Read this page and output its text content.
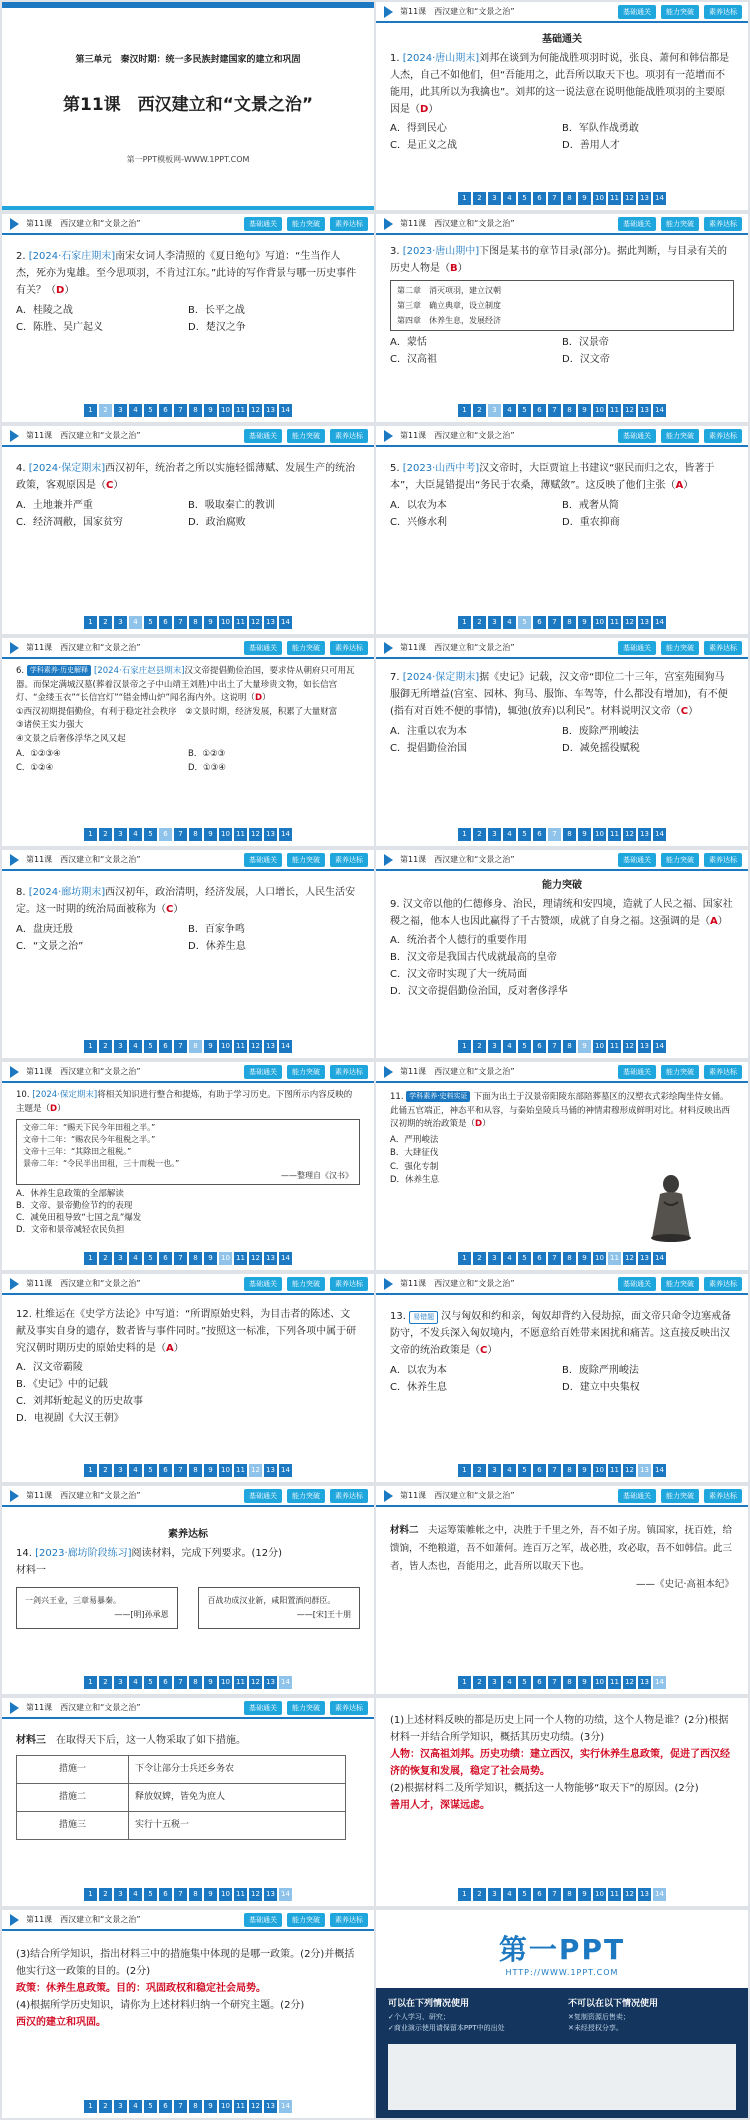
第三单元　秦汉时期：统一多民族封建国家的建立和巩固
第11课　西汉建立和“文景之治”
第一PPT模板网-WWW.1PPT.COM
第11课　西汉建立和“文景之治”	基础通关	能力突破	素养达标
基础通关

1. [2024·唐山期末]刘邦在谈到为何能战胜项羽时说，张良、萧何和韩信都是人杰，自己不如他们，但“吾能用之，此吾所以取天下也。项羽有一范增而不能用，此其所以为我擒也”。刘邦的这一说法意在说明他能战胜项羽的主要原因是（D）

A．得到民心	B．军队作战勇敢
C．是正义之战	D．善用人才
1	2	3	4	5	6	7	8	9	10 11 12 13 14
第11课　西汉建立和“文景之治”	基础通关	能力突破	素养达标

2. [2024·石家庄期末]南宋女词人李清照的《夏日绝句》写道：“生当作人杰，死亦为鬼雄。至今思项羽，不肯过江东。”此诗的写作背景与哪一历史事件有关？（D）

A．桂陵之战	B．长平之战
C．陈胜、吴广起义	D．楚汉之争
1	2	3	4	5	6	7	8	9	10 11 12 13 14
第11课　西汉建立和“文景之治”	基础通关	能力突破	素养达标

3. [2023·唐山期中]下图是某书的章节目录(部分)。据此判断，与目录有关的历史人物是（B）

第二章　消灭项羽，建立汉朝
第三章　确立典章，设立制度
第四章　休养生息，发展经济
A．蒙恬	B．汉景帝
C．汉高祖	D．汉文帝
1	2	3	4	5	6	7	8	9	10 11 12 13 14
第11课　西汉建立和“文景之治”	基础通关	能力突破	素养达标

4. [2024·保定期末]西汉初年，统治者之所以实施轻徭薄赋、发展生产的统治政策，客观原因是（C）

A．土地兼并严重	B．吸取秦亡的教训
C．经济凋敝，国家贫穷	D．政治腐败
1	2	3	4	5	6	7	8	9	10 11 12 13 14
第11课　西汉建立和“文景之治”	基础通关	能力突破	素养达标

5. [2023·山西中考]汉文帝时，大臣贾谊上书建议“驱民而归之农，皆著于本”，大臣晁错提出“务民于农桑，薄赋敛”。这反映了他们主张（A）

A．以农为本	B．戒奢从简
C．兴修水利	D．重农抑商
1	2	3	4	5	6	7	8	9	10 11 12 13 14
第11课　西汉建立和“文景之治”	基础通关	能力突破	素养达标

6. 学科素养·历史解释 [2024·石家庄赵县期末]汉文帝提倡勤俭治国，要求侍从朝府只可用瓦器。而保定满城汉墓(葬着汉景帝之子中山靖王刘胜)中出土了大量珍贵文物，如长信宫灯、“金缕玉衣”“长信宫灯”“错金博山炉”闻名海内外。这说明（D）

①西汉初期提倡勤俭，有利于稳定社会秩序　②文景时期，经济发展，积累了大量财富
③诸侯王实力强大
④文景之后奢侈浮华之风又起
A．①②③④	B．①②③
C．①②④	D．①③④
1	2	3	4	5	6	7	8	9	10 11 12 13 14
第11课　西汉建立和“文景之治”	基础通关	能力突破	素养达标

7. [2024·保定期末]据《史记》记载，汉文帝“即位二十三年，宫室苑囿狗马服御无所增益(宫室、园林、狗马、服饰、车驾等，什么都没有增加)，有不便(指有对百姓不便的事情)，辄弛(放弃)以利民”。材料说明汉文帝（C）

A．注重以农为本	B．废除严刑峻法
C．提倡勤俭治国	D．减免摇役赋税
1	2	3	4	5	6	7	8	9	10 11 12 13 14
第11课　西汉建立和“文景之治”	基础通关	能力突破	素养达标

8. [2024·廊坊期末]西汉初年，政治清明，经济发展，人口增长，人民生活安定。这一时期的统治局面被称为（C）

A．盘庚迁殷	B．百家争鸣
C．“文景之治”	D．休养生息
1	2	3	4	5	6	7	8	9	10 11 12 13 14
第11课　西汉建立和“文景之治”	基础通关	能力突破	素养达标
能力突破

9. 汉文帝以他的仁德修身、治民，理请统和安四境，造就了人民之福、国家社稷之福，他本人也因此赢得了千古赞颂，成就了自身之福。这强调的是（A）

A．统治者个人德行的重要作用
B．汉文帝是我国古代成就最高的皇帝
C．汉文帝时实现了大一统局面
D．汉文帝提倡勤俭治国，反对奢侈浮华
1	2	3	4	5	6	7	8	9	10 11 12 13 14
第11课　西汉建立和“文景之治”	基础通关	能力突破	素养达标

10. [2024·保定期末]将相关知识进行整合和提炼，有助于学习历史。下图所示内容反映的主题是（D）

文帝二年：“赐天下民今年田租之半。”
文帝十二年：“赐农民今年租税之半。”
文帝十三年：“其除田之租税。”
景帝二年：“令民半出田租，三十而税一也。”
——整理自《汉书》
A．休养生息政策的全部解读
B．文帝、景帝勤俭节约的表现
C．减免田租导致“七国之乱”爆发
D．文帝和景帝减轻农民负担
1	2	3	4	5	6	7	8	9	10 11 12 13 14
第11课　西汉建立和“文景之治”	基础通关	能力突破	素养达标

11. 学科素养·史料实证 下面为出土于汉景帝阳陵东部陪葬墓区的汉塑衣式彩绘陶坐侍女俑。此俑五官端正，神态平和从容，与秦始皇陵兵马俑的神情肃穆形成鲜明对比。材料反映出西汉初期的统治政策是（D）

A．严刑峻法
B．大肆征伐
C．强化专制
D．休养生息
1	2	3	4	5	6	7	8	9	10 11 12 13 14
第11课　西汉建立和“文景之治”	基础通关	能力突破	素养达标

12. 杜维运在《史学方法论》中写道：“所谓原始史料，为目击者的陈述、文献及事实自身的遗存，数者皆与事件同时。”按照这一标准，下列各项中属于研究汉朝时期历史的原始史料的是（A）

A．汉文帝霸陵
B．《史记》中的记载
C．刘邦斩蛇起义的历史故事
D．电视剧《大汉王朝》
1	2	3	4	5	6	7	8	9	10 11 12 13 14
第11课　西汉建立和“文景之治”	基础通关	能力突破	素养达标

13. 易错题 汉与匈奴和约和亲，匈奴却背约入侵劫掠，面文帝只命令边塞戒备防守，不发兵深入匈奴境内，不愿意给百姓带来困扰和痛苦。这直接反映出汉文帝的统治政策是（C）

A．以农为本	B．废除严刑峻法
C．休养生息	D．建立中央集权
1	2	3	4	5	6	7	8	9	10 11 12 13 14
第11课　西汉建立和“文景之治”	基础通关	能力突破	素养达标
素养达标

14. [2023·廊坊阶段练习]阅读材料，完成下列要求。(12分)

材料一

一剑兴王业，三章易暴秦。

——[明]孙承恩
百战功成汉业新，咸阳置酒问群臣。

——[宋]王十朋
1	2	3	4	5	6	7	8	9	10 11 12 13 14
第11课　西汉建立和“文景之治”	基础通关	能力突破	素养达标

材料二　 夫运筹策帷帐之中，决胜于千里之外，吾不如子房。镇国家，抚百姓，给馈饷，不绝粮道，吾不如萧何。连百万之军，战必胜，攻必取，吾不如韩信。此三者，皆人杰也，吾能用之，此吾所以取天下也。

——《史记·高祖本纪》

1	2	3	4	5	6	7	8	9	10 11 12 13 14
第11课　西汉建立和“文景之治”	基础通关	能力突破	素养达标

材料三　 在取得天下后，这一人物采取了如下措施。

措施一	下令让部分士兵还乡务农
措施二	释放奴婢，皆免为庶人
措施三	实行十五税一
1	2	3	4	5	6	7	8	9	10 11 12 13 14

(1)上述材料反映的都是历史上同一个人物的功绩，这个人物是谁？(2分)根据材料一并结合所学知识，概括其历史功绩。(3分)

人物：汉高祖刘邦。历史功绩：建立西汉，实行休养生息政策，促进了西汉经济的恢复和发展，稳定了社会局势。

(2)根据材料二及所学知识，概括这一人物能够“取天下”的原因。(2分)

善用人才，深谋远虑。

1	2	3	4	5	6	7	8	9	10 11 12 13 14
第11课　西汉建立和“文景之治”	基础通关	能力突破	素养达标

(3)结合所学知识，指出材料三中的措施集中体现的是哪一政策。(2分)并概括他实行这一政策的目的。(2分)

政策：休养生息政策。目的：巩固政权和稳定社会局势。

(4)根据所学历史知识，请你为上述材料归纳一个研究主题。(2分)

西汉的建立和巩固。

1	2	3	4	5	6	7	8	9	10 11 12 13 14
第一PPT
HTTP://WWW.1PPT.COM
可以在下列情况使用
✓个人学习、研究；
✓商业演示使用请保留本PPT中的出处
不可以在以下情况使用
✕复制资源后售卖；
✕未经授权分享。
